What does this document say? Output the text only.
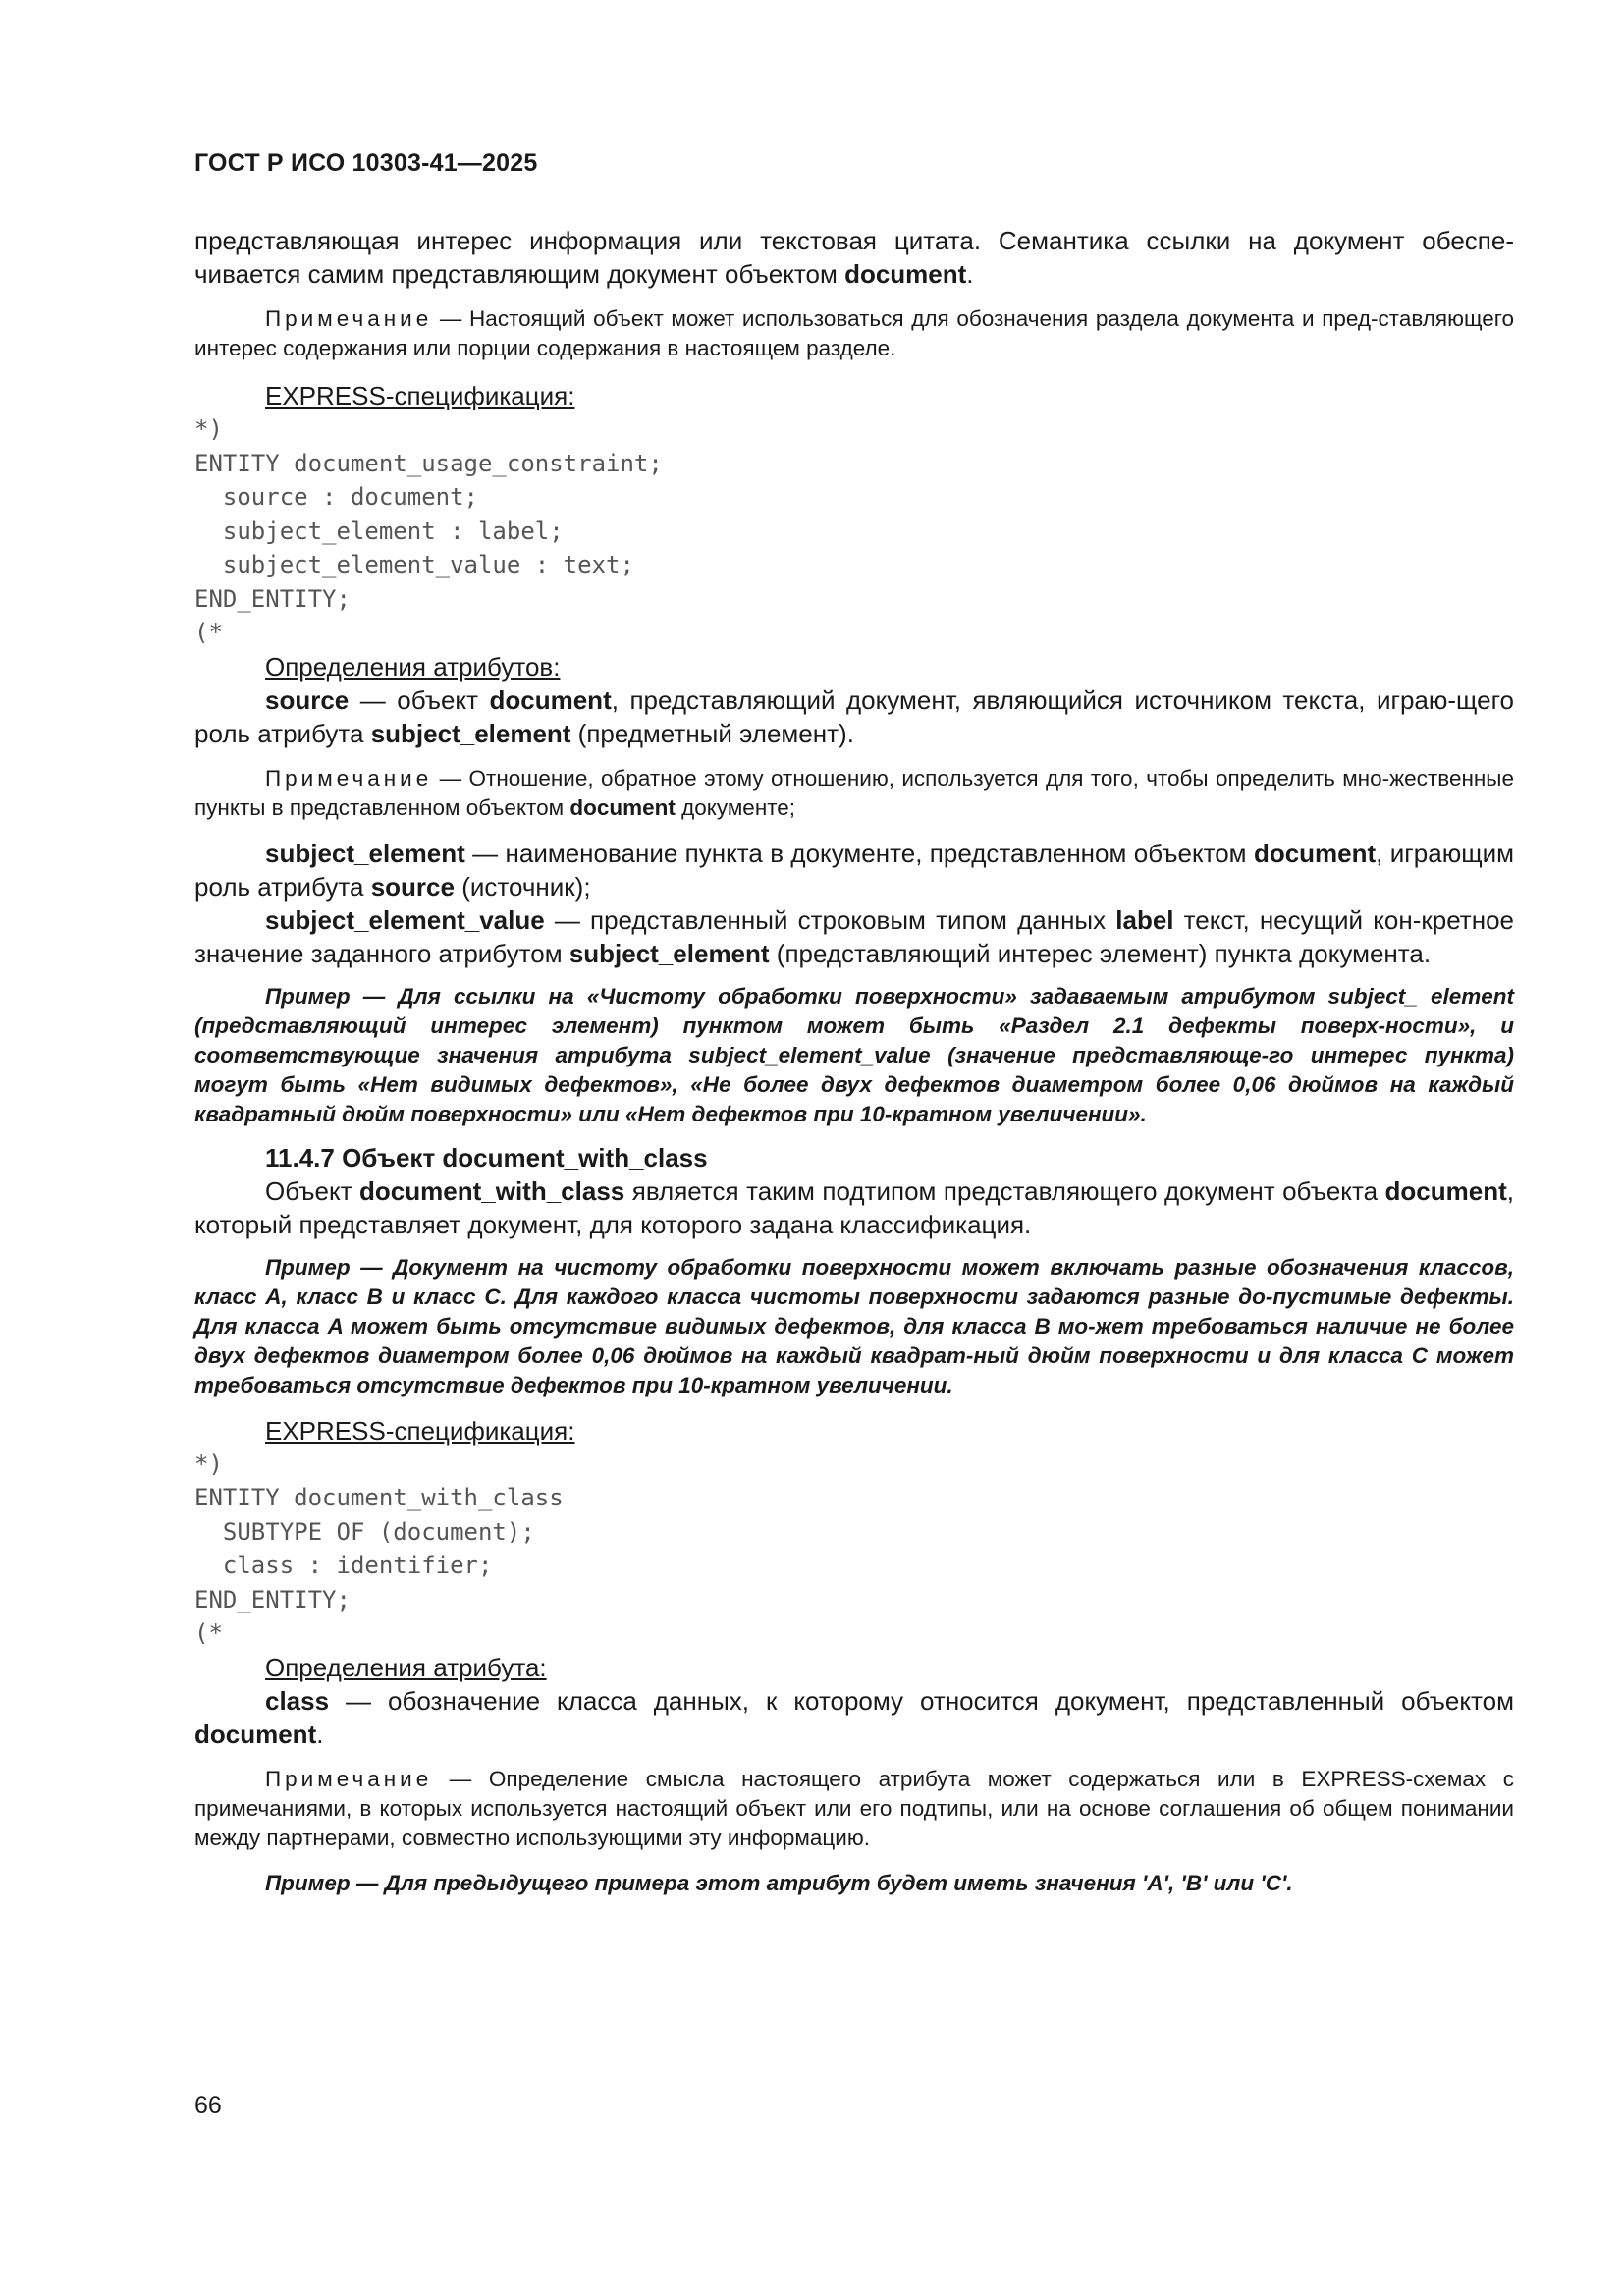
ГОСТ Р ИСО 10303-41—2025

представляющая интерес информация или текстовая цитата. Семантика ссылки на документ обеспе-чивается самим представляющим документ объектом document.

Примечание — Настоящий объект может использоваться для обозначения раздела документа и пред-ставляющего интерес содержания или порции содержания в настоящем разделе.

EXPRESS-спецификация:

*)
ENTITY document_usage_constraint;
source : document;
subject_element : label;
subject_element_value : text;
END_ENTITY;
(*

Определения атрибутов:

source — объект document, представляющий документ, являющийся источником текста, играю-щего роль атрибута subject_element (предметный элемент).

Примечание — Отношение, обратное этому отношению, используется для того, чтобы определить мно-жественные пункты в представленном объектом document документе;

subject_element — наименование пункта в документе, представленном объектом document, играющим роль атрибута source (источник);

subject_element_value — представленный строковым типом данных label текст, несущий кон-кретное значение заданного атрибутом subject_element (представляющий интерес элемент) пункта документа.

Пример — Для ссылки на «Чистоту обработки поверхности» задаваемым атрибутом subject_ element (представляющий интерес элемент) пунктом может быть «Раздел 2.1 дефекты поверх-ности», и соответствующие значения атрибута subject_element_value (значение представляюще-го интерес пункта) могут быть «Нет видимых дефектов», «Не более двух дефектов диаметром более 0,06 дюймов на каждый квадратный дюйм поверхности» или «Нет дефектов при 10-кратном увеличении».

11.4.7 Объект document_with_class

Объект document_with_class является таким подтипом представляющего документ объекта document, который представляет документ, для которого задана классификация.

Пример — Документ на чистоту обработки поверхности может включать разные обозначения классов, класс A, класс B и класс C. Для каждого класса чистоты поверхности задаются разные до-пустимые дефекты. Для класса A может быть отсутствие видимых дефектов, для класса B мо-жет требоваться наличие не более двух дефектов диаметром более 0,06 дюймов на каждый квадрат-ный дюйм поверхности и для класса C может требоваться отсутствие дефектов при 10-кратном увеличении.

EXPRESS-спецификация:

*)
ENTITY document_with_class
SUBTYPE OF (document);
class : identifier;
END_ENTITY;
(*

Определения атрибута:

class — обозначение класса данных, к которому относится документ, представленный объектом document.

Примечание — Определение смысла настоящего атрибута может содержаться или в EXPRESS-схемах с примечаниями, в которых используется настоящий объект или его подтипы, или на основе соглашения об общем понимании между партнерами, совместно использующими эту информацию.

Пример — Для предыдущего примера этот атрибут будет иметь значения 'A', 'B' или 'C'.

66
